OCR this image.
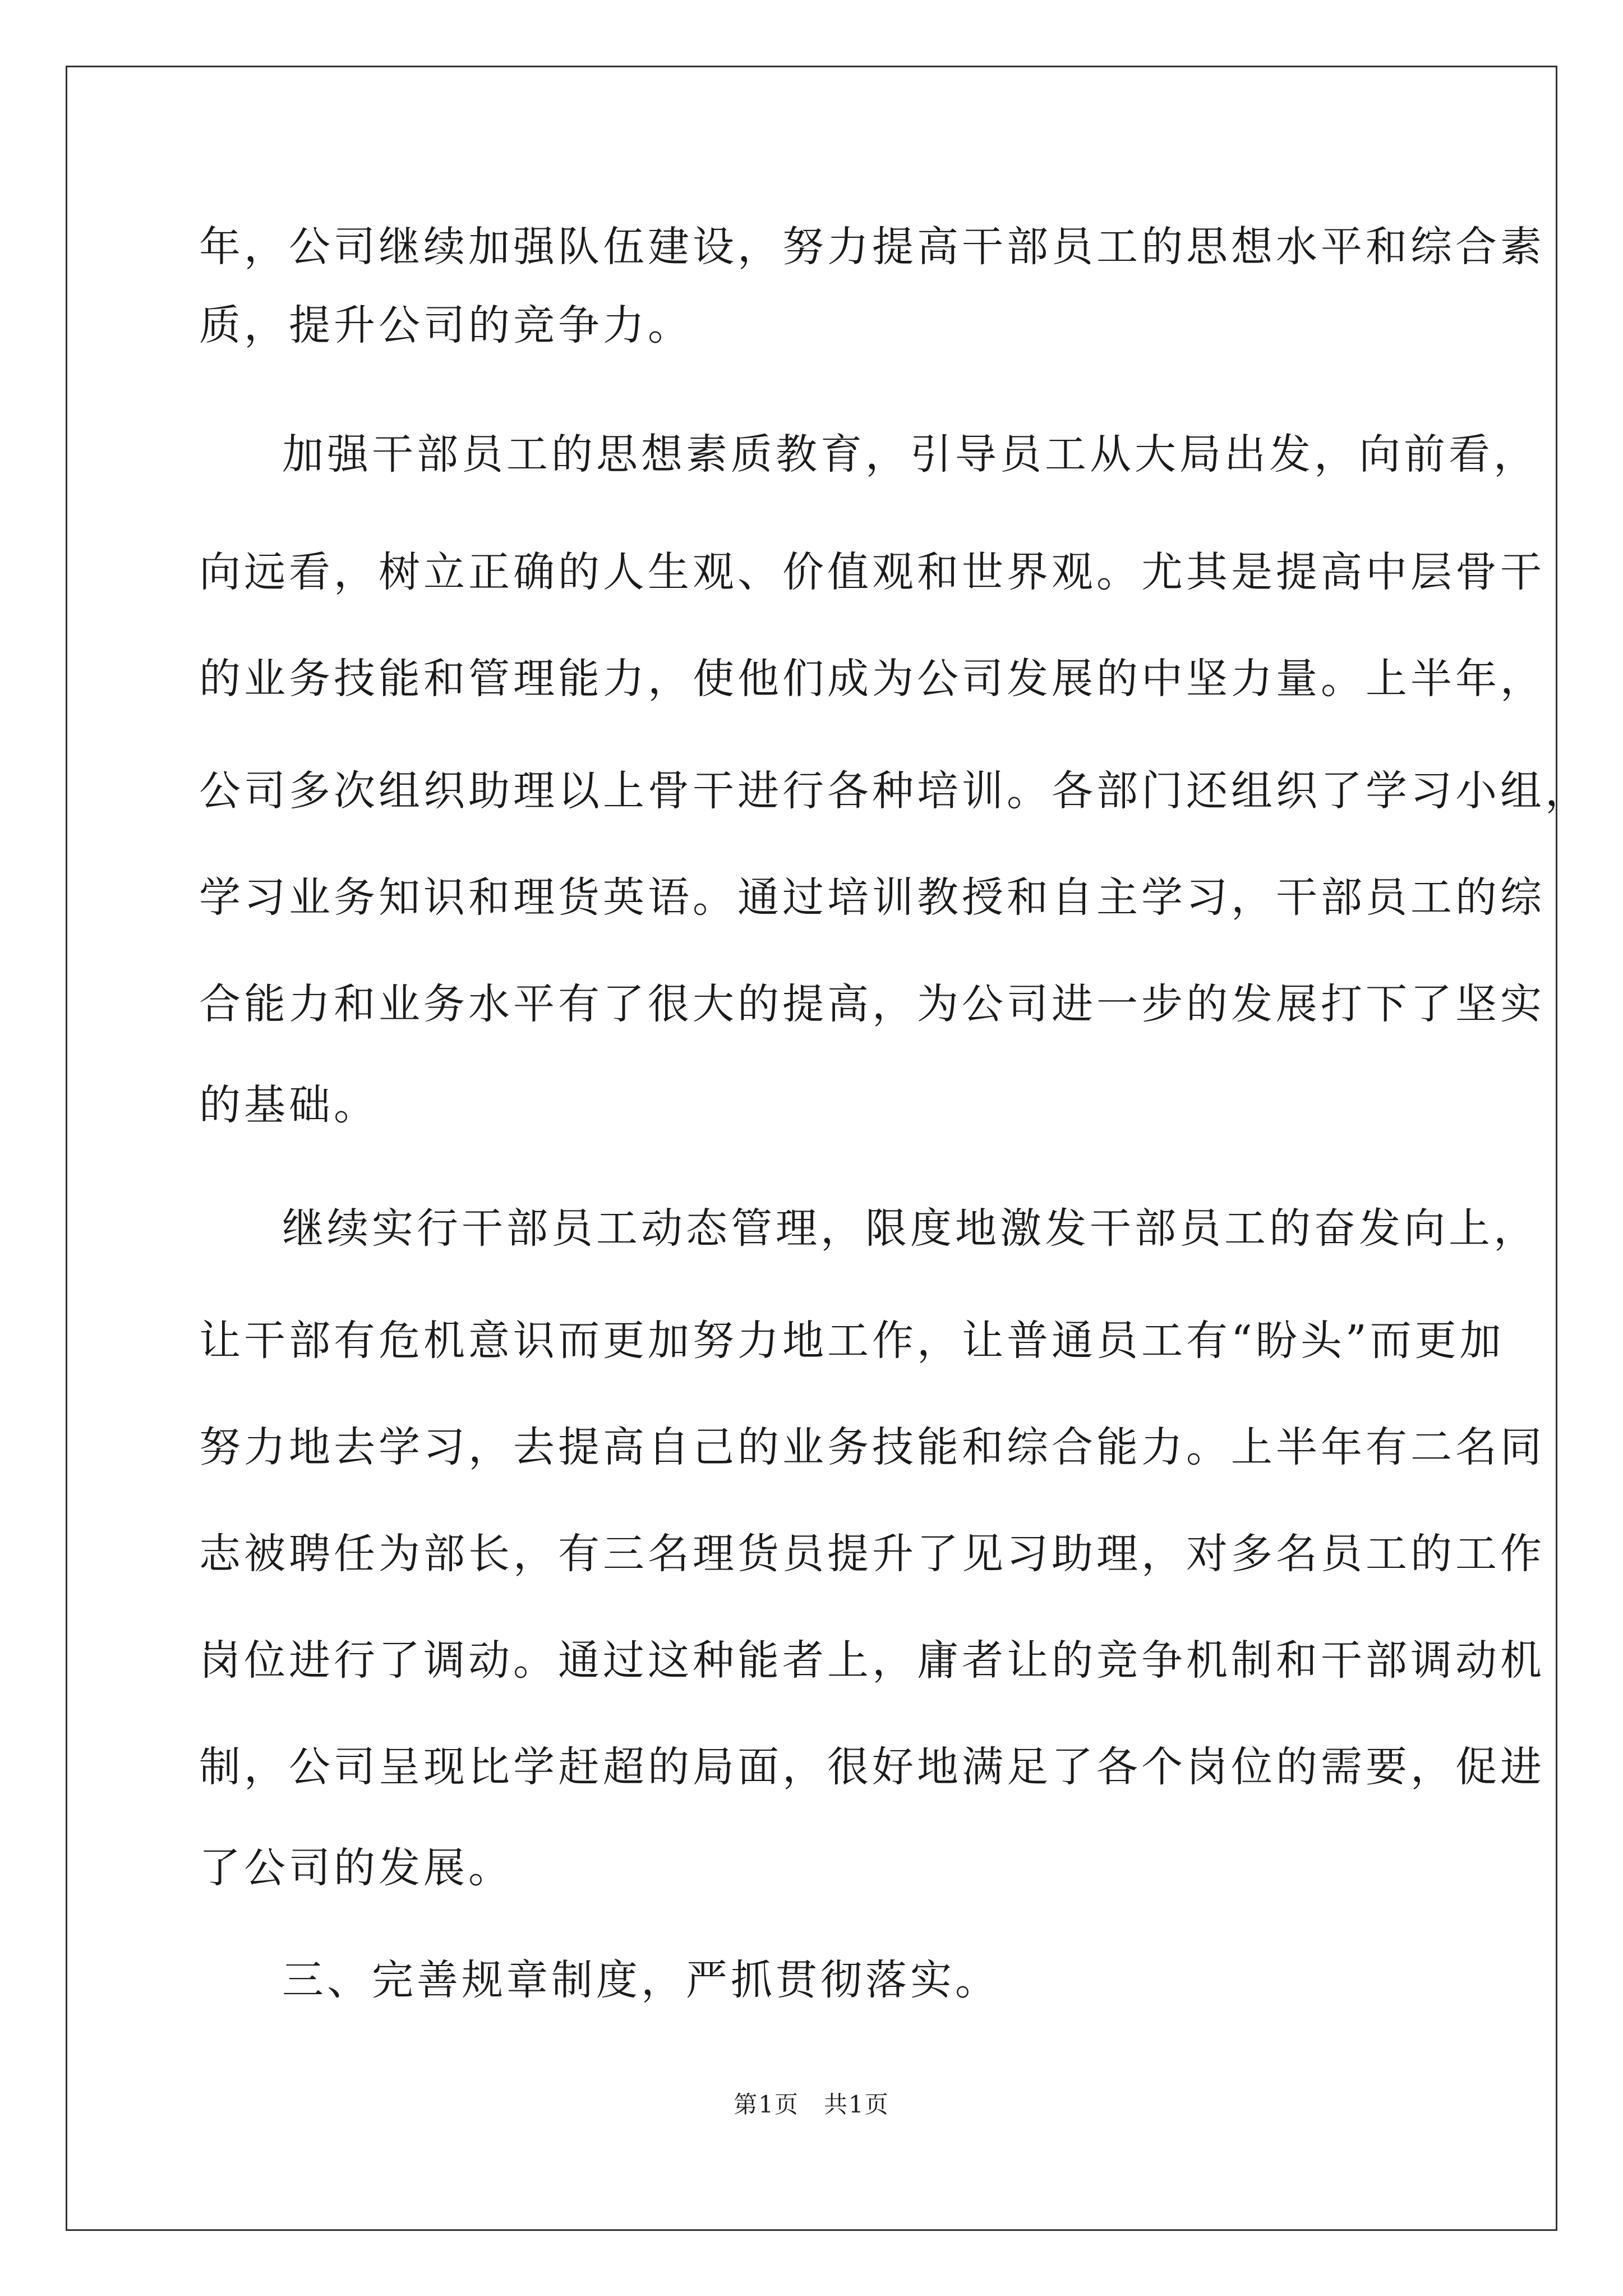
年，公司继续加强队伍建设，努力提高干部员工的思想水平和综合素

质，提升公司的竞争力。

加强干部员工的思想素质教育，引导员工从大局出发，向前看，

向远看，树立正确的人生观、价值观和世界观。尤其是提高中层骨干

的业务技能和管理能力，使他们成为公司发展的中坚力量。上半年，

公司多次组织助理以上骨干进行各种培训。各部门还组织了学习小组，

学习业务知识和理货英语。通过培训教授和自主学习，干部员工的综

合能力和业务水平有了很大的提高，为公司进一步的发展打下了坚实

的基础。

继续实行干部员工动态管理，限度地激发干部员工的奋发向上，

让干部有危机意识而更加努力地工作，让普通员工有“盼头”而更加

努力地去学习，去提高自己的业务技能和综合能力。上半年有二名同

志被聘任为部长，有三名理货员提升了见习助理，对多名员工的工作

岗位进行了调动。通过这种能者上，庸者让的竞争机制和干部调动机

制，公司呈现比学赶超的局面，很好地满足了各个岗位的需要，促进

了公司的发展。

三、完善规章制度，严抓贯彻落实。

第1页　共1页
